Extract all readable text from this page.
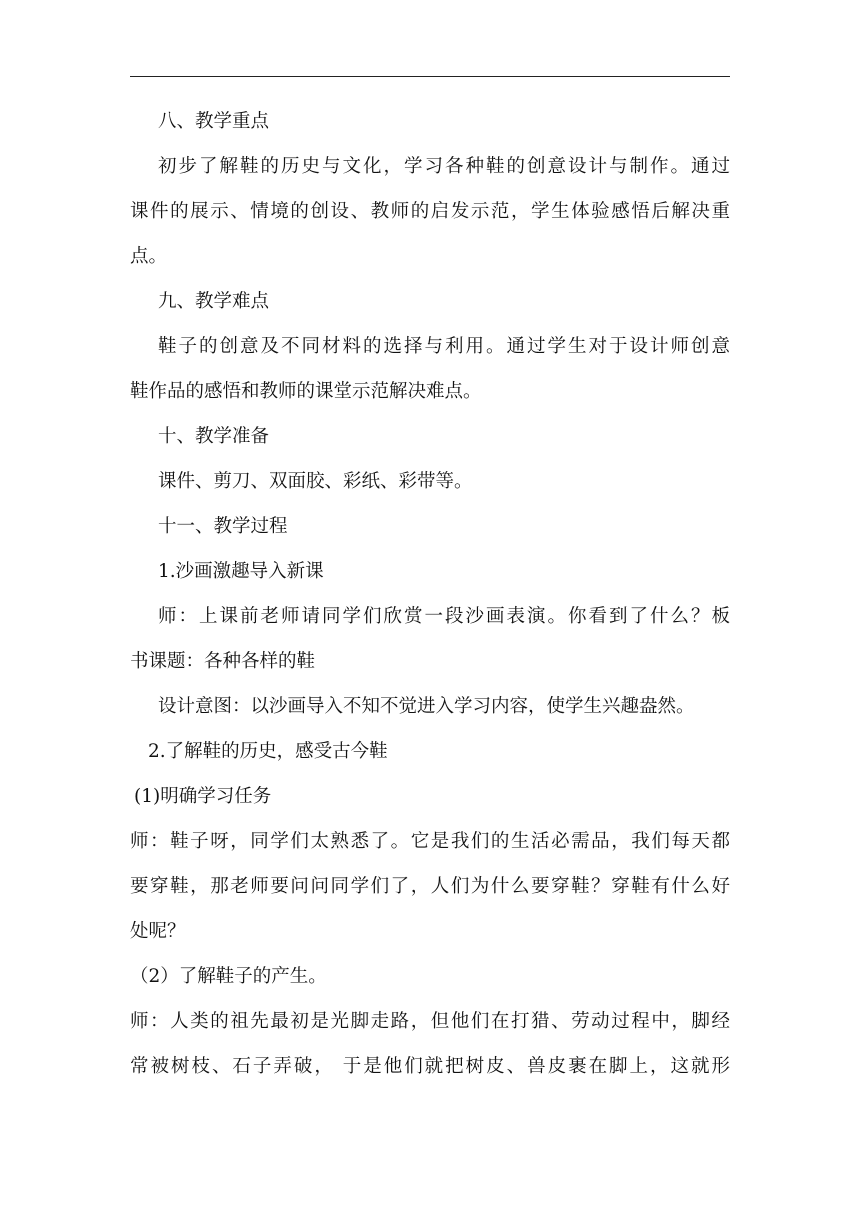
八、教学重点
初步了解鞋的历史与文化，学习各种鞋的创意设计与制作。通过
课件的展示、情境的创设、教师的启发示范，学生体验感悟后解决重
点。
九、教学难点
鞋子的创意及不同材料的选择与利用。通过学生对于设计师创意
鞋作品的感悟和教师的课堂示范解决难点。
十、教学准备
课件、剪刀、双面胶、彩纸、彩带等。
十一、教学过程
1.沙画激趣导入新课
师：上课前老师请同学们欣赏一段沙画表演。你看到了什么？板
书课题：各种各样的鞋
设计意图：以沙画导入不知不觉进入学习内容，使学生兴趣盎然。
2.了解鞋的历史，感受古今鞋
(1)明确学习任务
师：鞋子呀，同学们太熟悉了。它是我们的生活必需品，我们每天都
要穿鞋，那老师要问问同学们了，人们为什么要穿鞋？穿鞋有什么好
处呢？
（2）了解鞋子的产生。
师：人类的祖先最初是光脚走路，但他们在打猎、劳动过程中，脚经
常被树枝、石子弄破， 于是他们就把树皮、兽皮裹在脚上，这就形
